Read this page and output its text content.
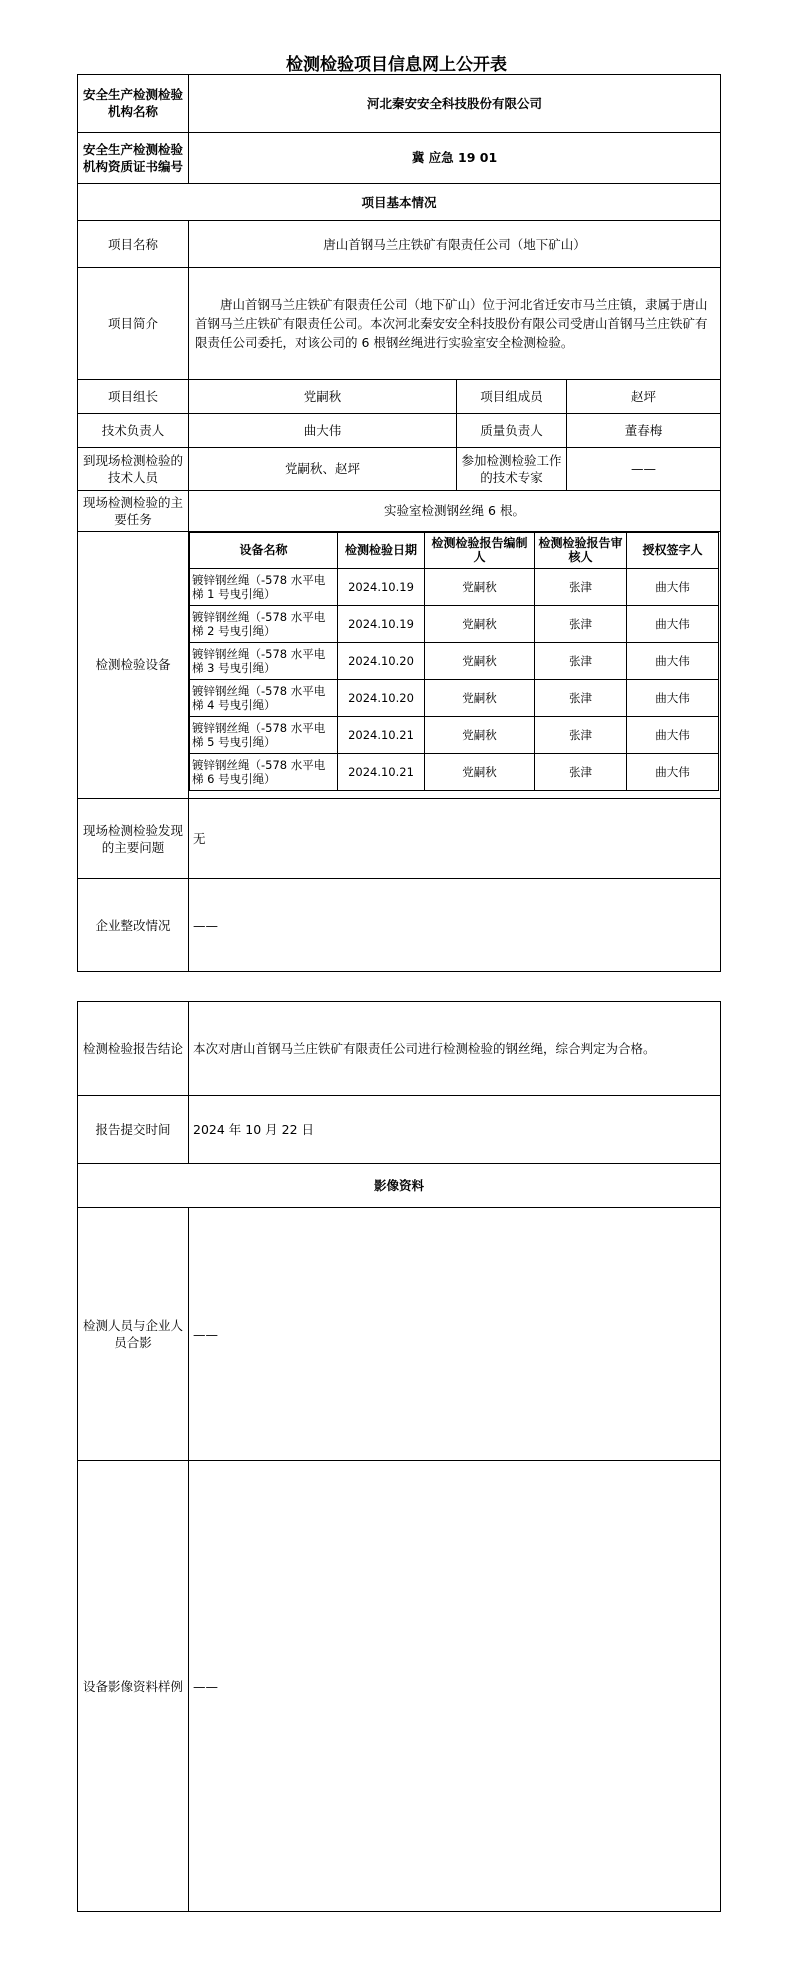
检测检验项目信息网上公开表
安全生产检测检验机构名称	河北秦安安全科技股份有限公司
安全生产检测检验机构资质证书编号	冀 应急 19 01
项目基本情况
项目名称	唐山首钢马兰庄铁矿有限责任公司（地下矿山）
项目简介	唐山首钢马兰庄铁矿有限责任公司（地下矿山）位于河北省迁安市马兰庄镇，隶属于唐山首钢马兰庄铁矿有限责任公司。本次河北秦安安全科技股份有限公司受唐山首钢马兰庄铁矿有限责任公司委托，对该公司的 6 根钢丝绳进行实验室安全检测检验。
项目组长	党嗣秋	项目组成员	赵坪
技术负责人	曲大伟	质量负责人	董春梅
到现场检测检验的技术人员	党嗣秋、赵坪	参加检测检验工作的技术专家	——
现场检测检验的主要任务	实验室检测钢丝绳 6 根。
检测检验设备	
设备名称	检测检验日期	检测检验报告编制人	检测检验报告审核人	授权签字人
镀锌钢丝绳（-578 水平电梯 1 号曳引绳）	2024.10.19	党嗣秋	张津	曲大伟
镀锌钢丝绳（-578 水平电梯 2 号曳引绳）	2024.10.19	党嗣秋	张津	曲大伟
镀锌钢丝绳（-578 水平电梯 3 号曳引绳）	2024.10.20	党嗣秋	张津	曲大伟
镀锌钢丝绳（-578 水平电梯 4 号曳引绳）	2024.10.20	党嗣秋	张津	曲大伟
镀锌钢丝绳（-578 水平电梯 5 号曳引绳）	2024.10.21	党嗣秋	张津	曲大伟
镀锌钢丝绳（-578 水平电梯 6 号曳引绳）	2024.10.21	党嗣秋	张津	曲大伟

现场检测检验发现的主要问题	无
企业整改情况	——
检测检验报告结论	本次对唐山首钢马兰庄铁矿有限责任公司进行检测检验的钢丝绳，综合判定为合格。
报告提交时间	2024 年 10 月 22 日
影像资料	
检测人员与企业人员合影	——
设备影像资料样例	——
